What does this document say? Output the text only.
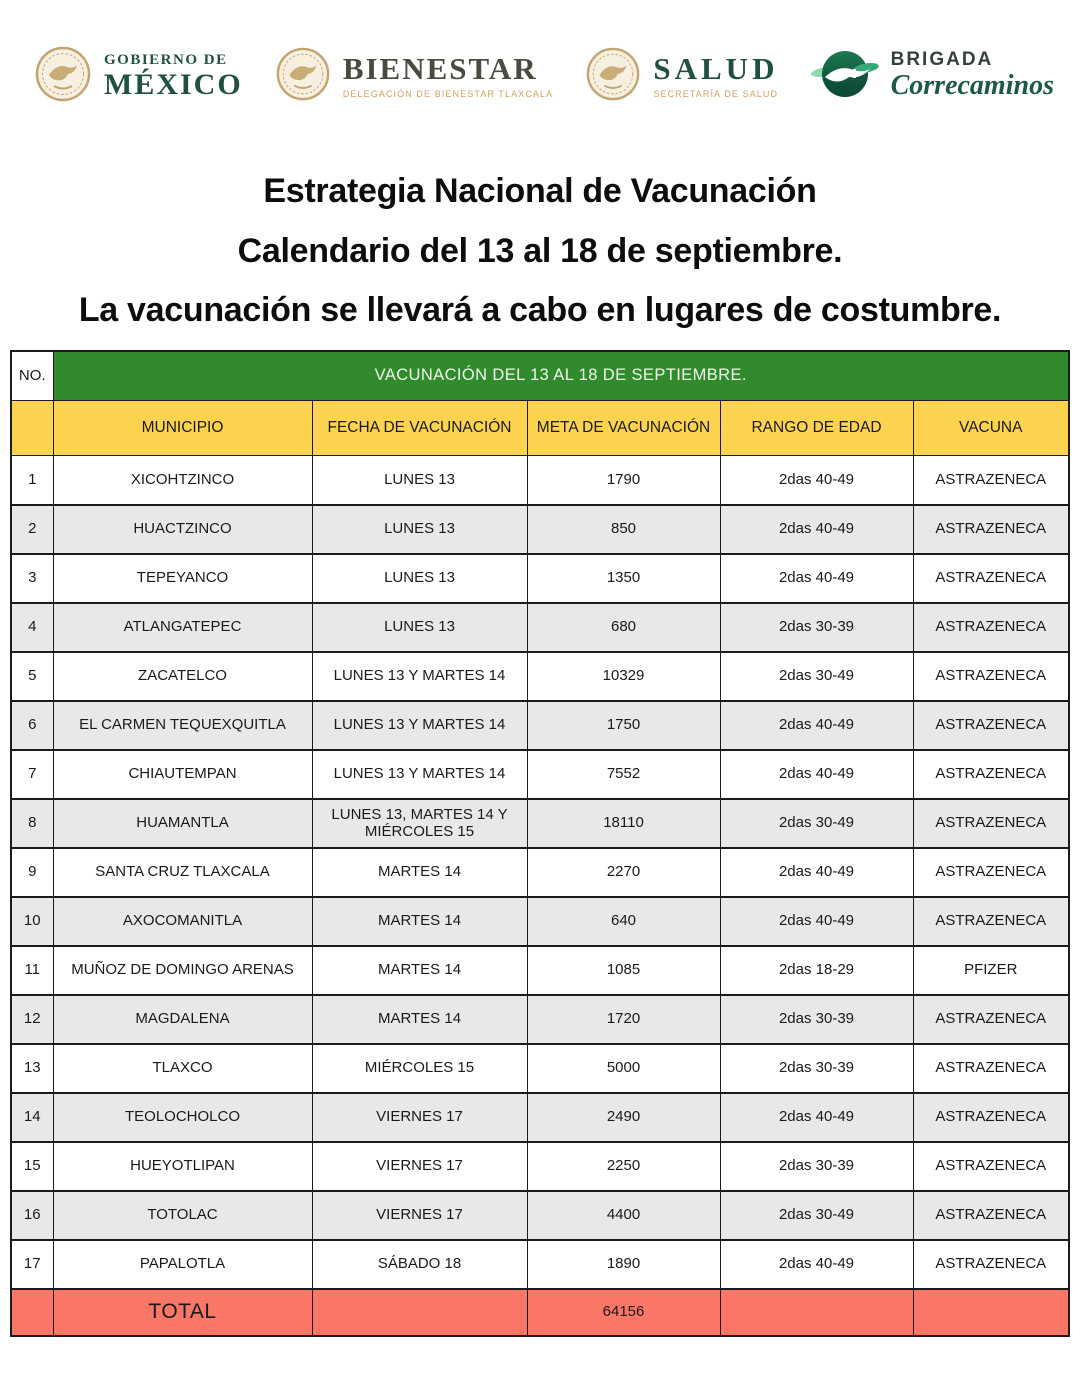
GOBIERNO DE
MÉXICO	BIENESTAR
DELEGACIÓN DE BIENESTAR TLAXCALA
SALUD
SECRETARÍA DE SALUD
BRIGADA
Correcaminos

Estrategia Nacional de Vacunación

Calendario del 13 al 18 de septiembre.

La vacunación se llevará a cabo en lugares de costumbre.

NO.	VACUNACIÓN DEL 13 AL 18 DE SEPTIEMBRE.				
	MUNICIPIO	FECHA DE VACUNACIÓN	META DE VACUNACIÓN	RANGO DE EDAD	VACUNA
1	XICOHTZINCO	LUNES 13	1790	2das 40-49	ASTRAZENECA
2	HUACTZINCO	LUNES 13	850	2das 40-49	ASTRAZENECA
3	TEPEYANCO	LUNES 13	1350	2das 40-49	ASTRAZENECA
4	ATLANGATEPEC	LUNES 13	680	2das 30-39	ASTRAZENECA
5	ZACATELCO	LUNES 13 Y MARTES 14	10329	2das 30-49	ASTRAZENECA
6	EL CARMEN TEQUEXQUITLA	LUNES 13 Y MARTES 14	1750	2das 40-49	ASTRAZENECA
7	CHIAUTEMPAN	LUNES 13 Y MARTES 14	7552	2das 40-49	ASTRAZENECA
8	HUAMANTLA	LUNES 13, MARTES 14 Y MIÉRCOLES 15	18110	2das 30-49	ASTRAZENECA
9	SANTA CRUZ TLAXCALA	MARTES 14	2270	2das 40-49	ASTRAZENECA
10	AXOCOMANITLA	MARTES 14	640	2das 40-49	ASTRAZENECA
11	MUÑOZ DE DOMINGO ARENAS	MARTES 14	1085	2das 18-29	PFIZER
12	MAGDALENA	MARTES 14	1720	2das 30-39	ASTRAZENECA
13	TLAXCO	MIÉRCOLES 15	5000	2das 30-39	ASTRAZENECA
14	TEOLOCHOLCO	VIERNES 17	2490	2das 40-49	ASTRAZENECA
15	HUEYOTLIPAN	VIERNES 17	2250	2das 30-39	ASTRAZENECA
16	TOTOLAC	VIERNES 17	4400	2das 30-49	ASTRAZENECA
17	PAPALOTLA	SÁBADO 18	1890	2das 40-49	ASTRAZENECA
	TOTAL		64156		
